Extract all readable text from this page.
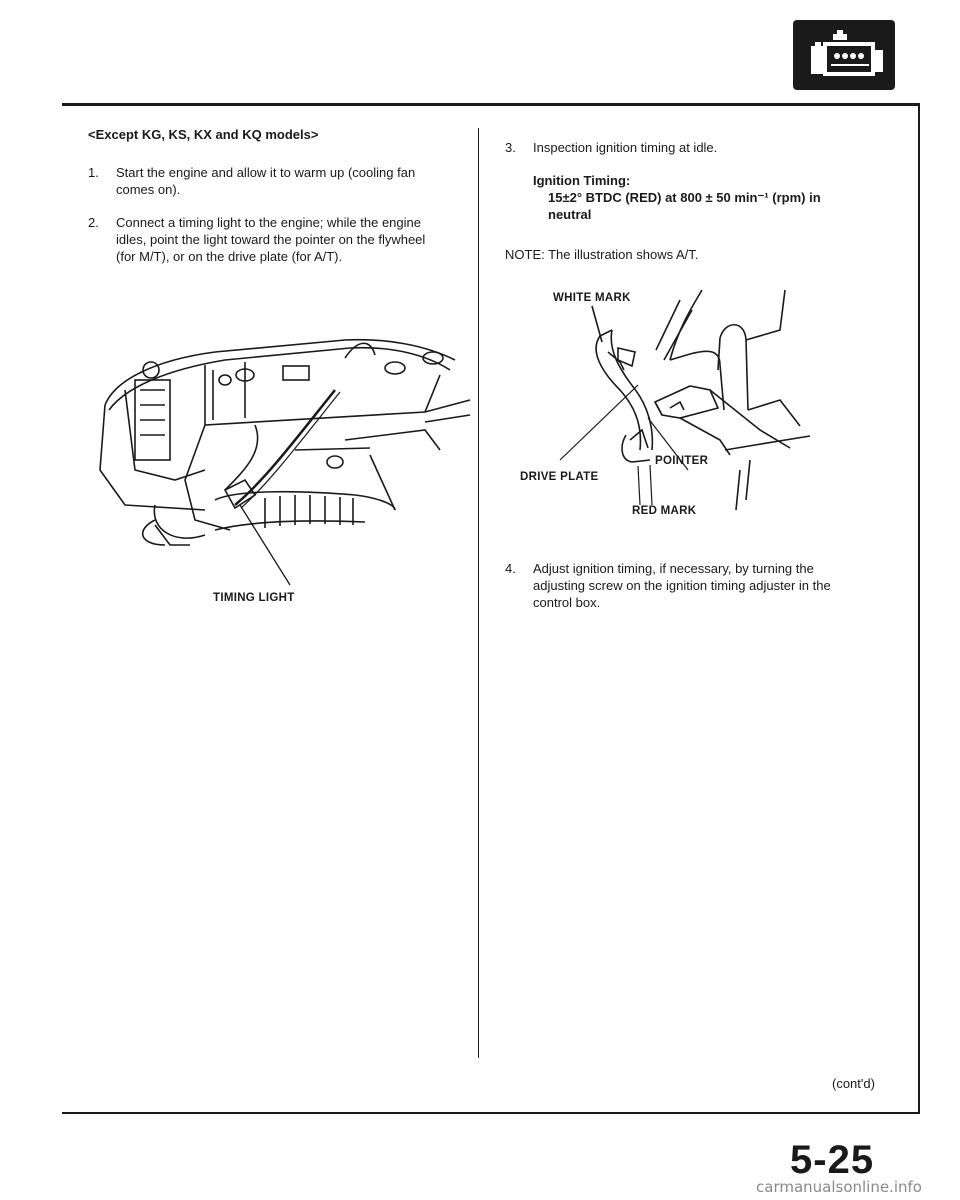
<Except KG, KS, KX and KQ models>
1. Start the engine and allow it to warm up (cooling fan
comes on).
2. Connect a timing light to the engine; while the engine
idles, point the light toward the pointer on the flywheel
(for M/T), or on the drive plate (for A/T).
TIMING LIGHT
3. Inspection ignition timing at idle.
Ignition Timing:
15±2° BTDC (RED) at 800 ± 50 min⁻¹ (rpm) in
neutral
NOTE: The illustration shows A/T.
WHITE MARK
POINTER
DRIVE PLATE
RED MARK
4. Adjust ignition timing, if necessary, by turning the
adjusting screw on the ignition timing adjuster in the
control box.
(cont'd)
5-25
carmanualsonline.info
